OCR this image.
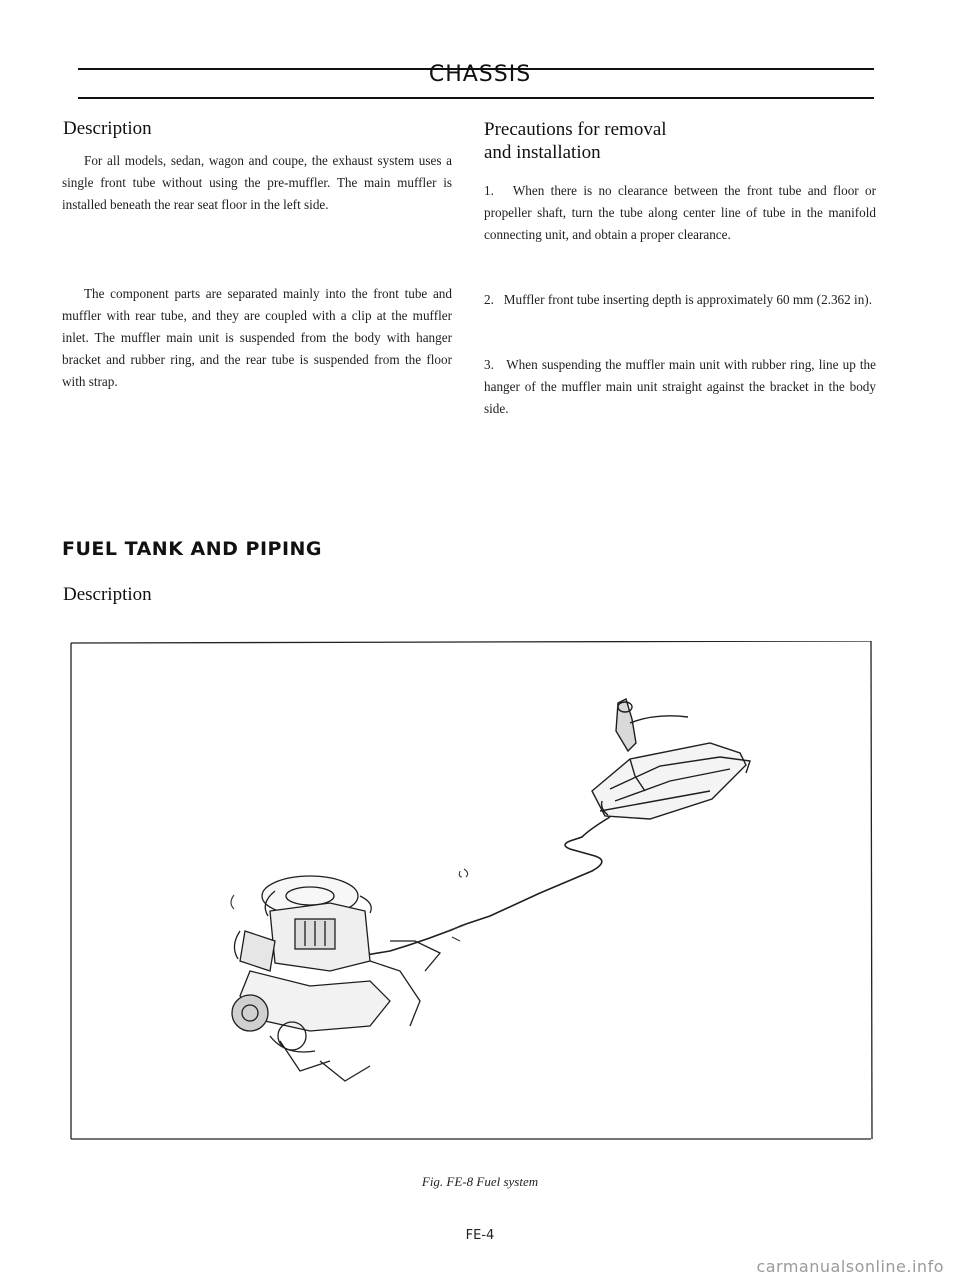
CHASSIS
Description
For all models, sedan, wagon and coupe, the exhaust system uses a single front tube without using the pre-muffler. The main muffler is installed beneath the rear seat floor in the left side.
The component parts are separated mainly into the front tube and muffler with rear tube, and they are coupled with a clip at the muffler inlet. The muffler main unit is suspended from the body with hanger bracket and rubber ring, and the rear tube is suspended from the floor with strap.
Precautions for removal
and installation
1. When there is no clearance between the front tube and floor or propeller shaft, turn the tube along center line of tube in the manifold connecting unit, and obtain a proper clearance.
2. Muffler front tube inserting depth is approximately 60 mm (2.362 in).
3. When suspending the muffler main unit with rubber ring, line up the hanger of the muffler main unit straight against the bracket in the body side.
FUEL TANK AND PIPING
Description
Fig. FE-8 Fuel system
FE-4
carmanualsonline.info
